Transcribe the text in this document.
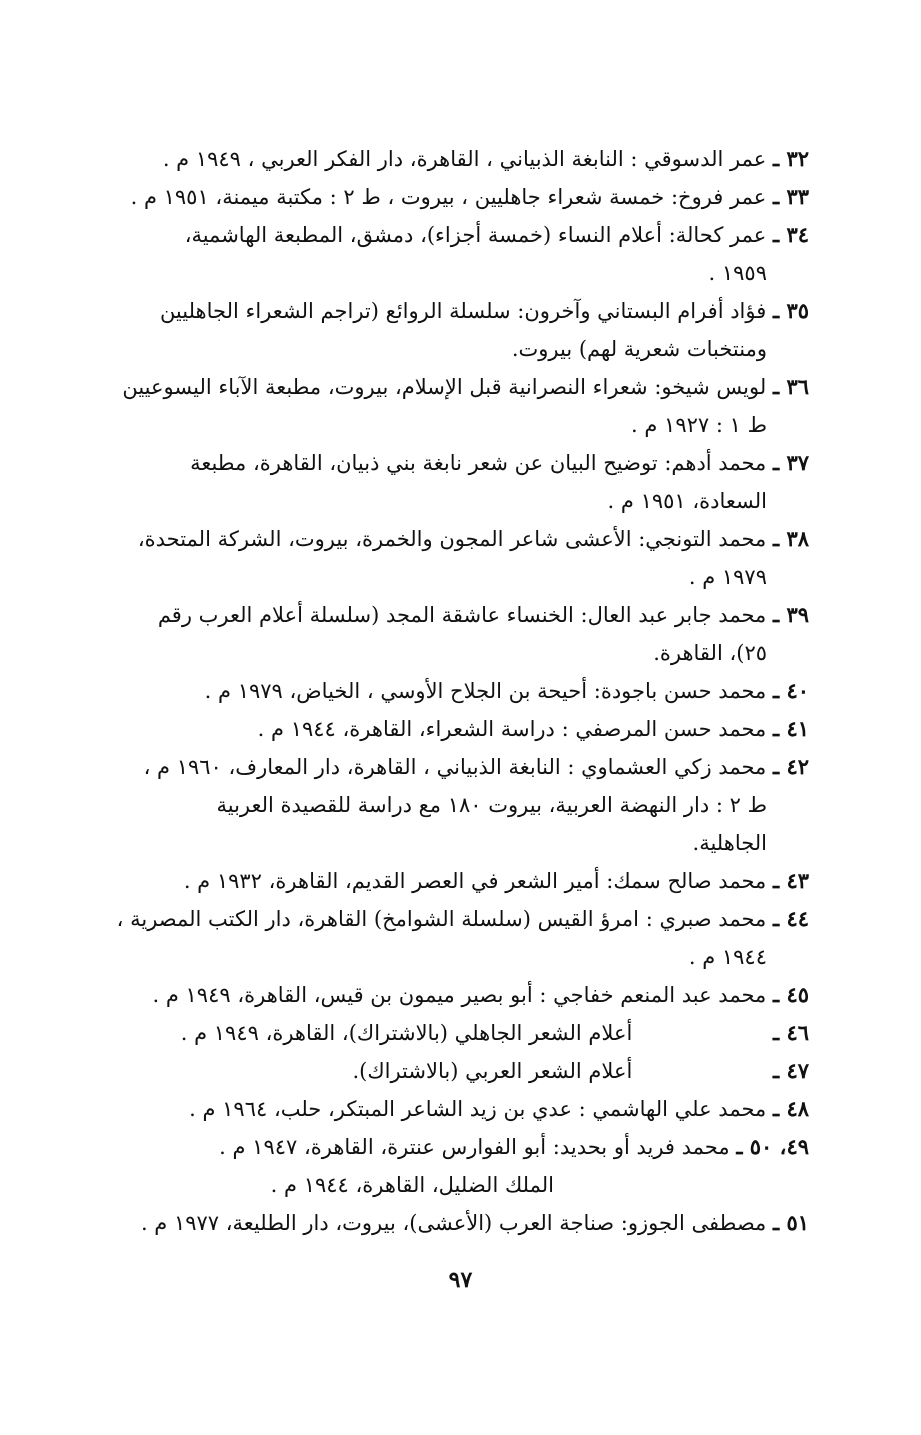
٣٢ ـ عمر الدسوقي : النابغة الذبياني ، القاهرة، دار الفكر العربي ، ١٩٤٩ م .
٣٣ ـ عمر فروخ: خمسة شعراء جاهليين ، بيروت ، ط ٢ : مكتبة ميمنة، ١٩٥١ م .
٣٤ ـ عمر كحالة: أعلام النساء (خمسة أجزاء)، دمشق، المطبعة الهاشمية،
١٩٥٩ .
٣٥ ـ فؤاد أفرام البستاني وآخرون: سلسلة الروائع (تراجم الشعراء الجاهليين
ومنتخبات شعرية لهم) بيروت.
٣٦ ـ لويس شيخو: شعراء النصرانية قبل الإسلام، بيروت، مطبعة الآباء اليسوعيين
ط ١ : ١٩٢٧ م .
٣٧ ـ محمد أدهم: توضيح البيان عن شعر نابغة بني ذبيان، القاهرة، مطبعة
السعادة، ١٩٥١ م .
٣٨ ـ محمد التونجي: الأعشى شاعر المجون والخمرة، بيروت، الشركة المتحدة،
١٩٧٩ م .
٣٩ ـ محمد جابر عبد العال: الخنساء عاشقة المجد (سلسلة أعلام العرب رقم
٢٥)، القاهرة.
٤٠ ـ محمد حسن باجودة: أحيحة بن الجلاح الأوسي ، الخياض، ١٩٧٩ م .
٤١ ـ محمد حسن المرصفي : دراسة الشعراء، القاهرة، ١٩٤٤ م .
٤٢ ـ محمد زكي العشماوي : النابغة الذبياني ، القاهرة، دار المعارف، ١٩٦٠ م ،
ط ٢ : دار النهضة العربية، بيروت ١٨٠ مع دراسة للقصيدة العربية
الجاهلية.
٤٣ ـ محمد صالح سمك: أمير الشعر في العصر القديم، القاهرة، ١٩٣٢ م .
٤٤ ـ محمد صبري : امرؤ القيس (سلسلة الشوامخ) القاهرة، دار الكتب المصرية ،
١٩٤٤ م .
٤٥ ـ محمد عبد المنعم خفاجي : أبو بصير ميمون بن قيس، القاهرة، ١٩٤٩ م .
٤٦ ـ أعلام الشعر الجاهلي (بالاشتراك)، القاهرة، ١٩٤٩ م .
٤٧ ـ أعلام الشعر العربي (بالاشتراك).
٤٨ ـ محمد علي الهاشمي : عدي بن زيد الشاعر المبتكر، حلب، ١٩٦٤ م .
٤٩، ٥٠ ـ محمد فريد أو بحديد: أبو الفوارس عنترة، القاهرة، ١٩٤٧ م .
الملك الضليل، القاهرة، ١٩٤٤ م .
٥١ ـ مصطفى الجوزو: صناجة العرب (الأعشى)، بيروت، دار الطليعة، ١٩٧٧ م .
٩٧
